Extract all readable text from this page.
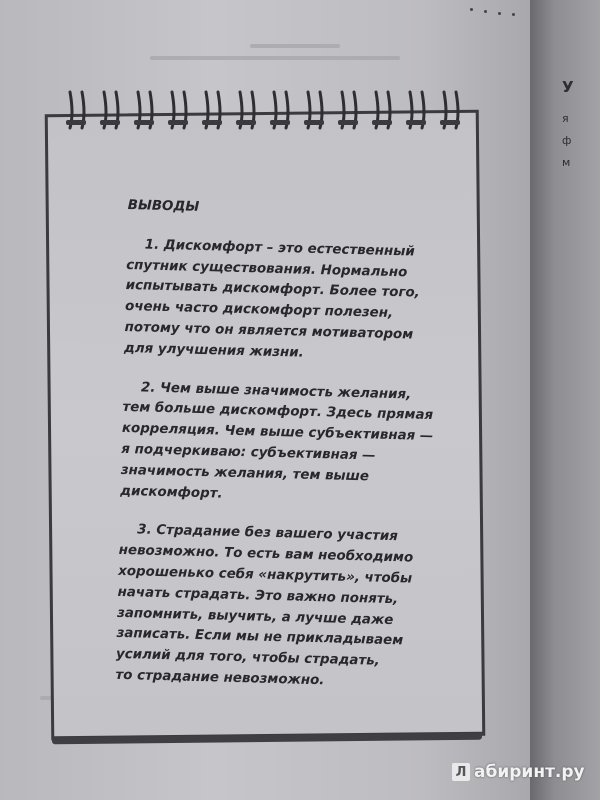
У
я
ф
м
ВЫВОДЫ
1. Дискомфорт – это естественный
спутник существования. Нормально
испытывать дискомфорт. Более того,
очень часто дискомфорт полезен,
потому что он является мотиватором
для улучшения жизни.
2. Чем выше значимость желания,
тем больше дискомфорт. Здесь прямая
корреляция. Чем выше субъективная —
я подчеркиваю: субъективная —
значимость желания, тем выше
дискомфорт.
3. Страдание без вашего участия
невозможно. То есть вам необходимо
хорошенько себя «накрутить», чтобы
начать страдать. Это важно понять,
запомнить, выучить, а лучше даже
записать. Если мы не прикладываем
усилий для того, чтобы страдать,
то страдание невозможно.
Л абиринт.ру
